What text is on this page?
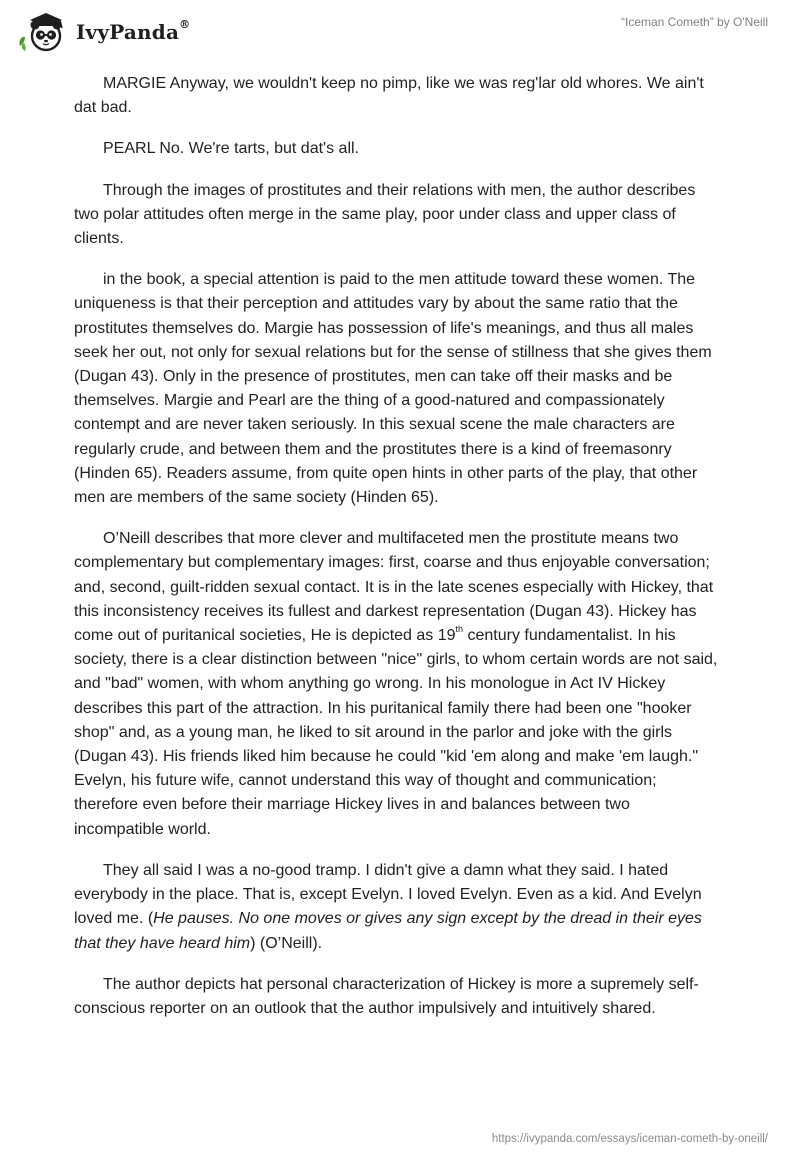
IvyPanda®	“Iceman Cometh” by O'Neill

MARGIE Anyway, we wouldn't keep no pimp, like we was reg'lar old whores. We ain't dat bad.

PEARL No. We're tarts, but dat's all.

Through the images of prostitutes and their relations with men, the author describes two polar attitudes often merge in the same play, poor under class and upper class of clients.

in the book, a special attention is paid to the men attitude toward these women. The uniqueness is that their perception and attitudes vary by about the same ratio that the prostitutes themselves do. Margie has possession of life's meanings, and thus all males seek her out, not only for sexual relations but for the sense of stillness that she gives them (Dugan 43). Only in the presence of prostitutes, men can take off their masks and be themselves. Margie and Pearl are the thing of a good-natured and compassionately contempt and are never taken seriously. In this sexual scene the male characters are regularly crude, and between them and the prostitutes there is a kind of freemasonry (Hinden 65). Readers assume, from quite open hints in other parts of the play, that other men are members of the same society (Hinden 65).

O’Neill describes that more clever and multifaceted men the prostitute means two complementary but complementary images: first, coarse and thus enjoyable conversation; and, second, guilt-ridden sexual contact. It is in the late scenes especially with Hickey, that this inconsistency receives its fullest and darkest representation (Dugan 43). Hickey has come out of puritanical societies, He is depicted as 19th century fundamentalist. In his society, there is a clear distinction between "nice" girls, to whom certain words are not said, and "bad" women, with whom anything go wrong. In his monologue in Act IV Hickey describes this part of the attraction. In his puritanical family there had been one "hooker shop" and, as a young man, he liked to sit around in the parlor and joke with the girls (Dugan 43). His friends liked him because he could "kid 'em along and make 'em laugh." Evelyn, his future wife, cannot understand this way of thought and communication; therefore even before their marriage Hickey lives in and balances between two incompatible world.

They all said I was a no-good tramp. I didn't give a damn what they said. I hated everybody in the place. That is, except Evelyn. I loved Evelyn. Even as a kid. And Evelyn loved me. (He pauses. No one moves or gives any sign except by the dread in their eyes that they have heard him) (O’Neill).

The author depicts hat personal characterization of Hickey is more a supremely self-conscious reporter on an outlook that the author impulsively and intuitively shared.

https://ivypanda.com/essays/iceman-cometh-by-oneill/
